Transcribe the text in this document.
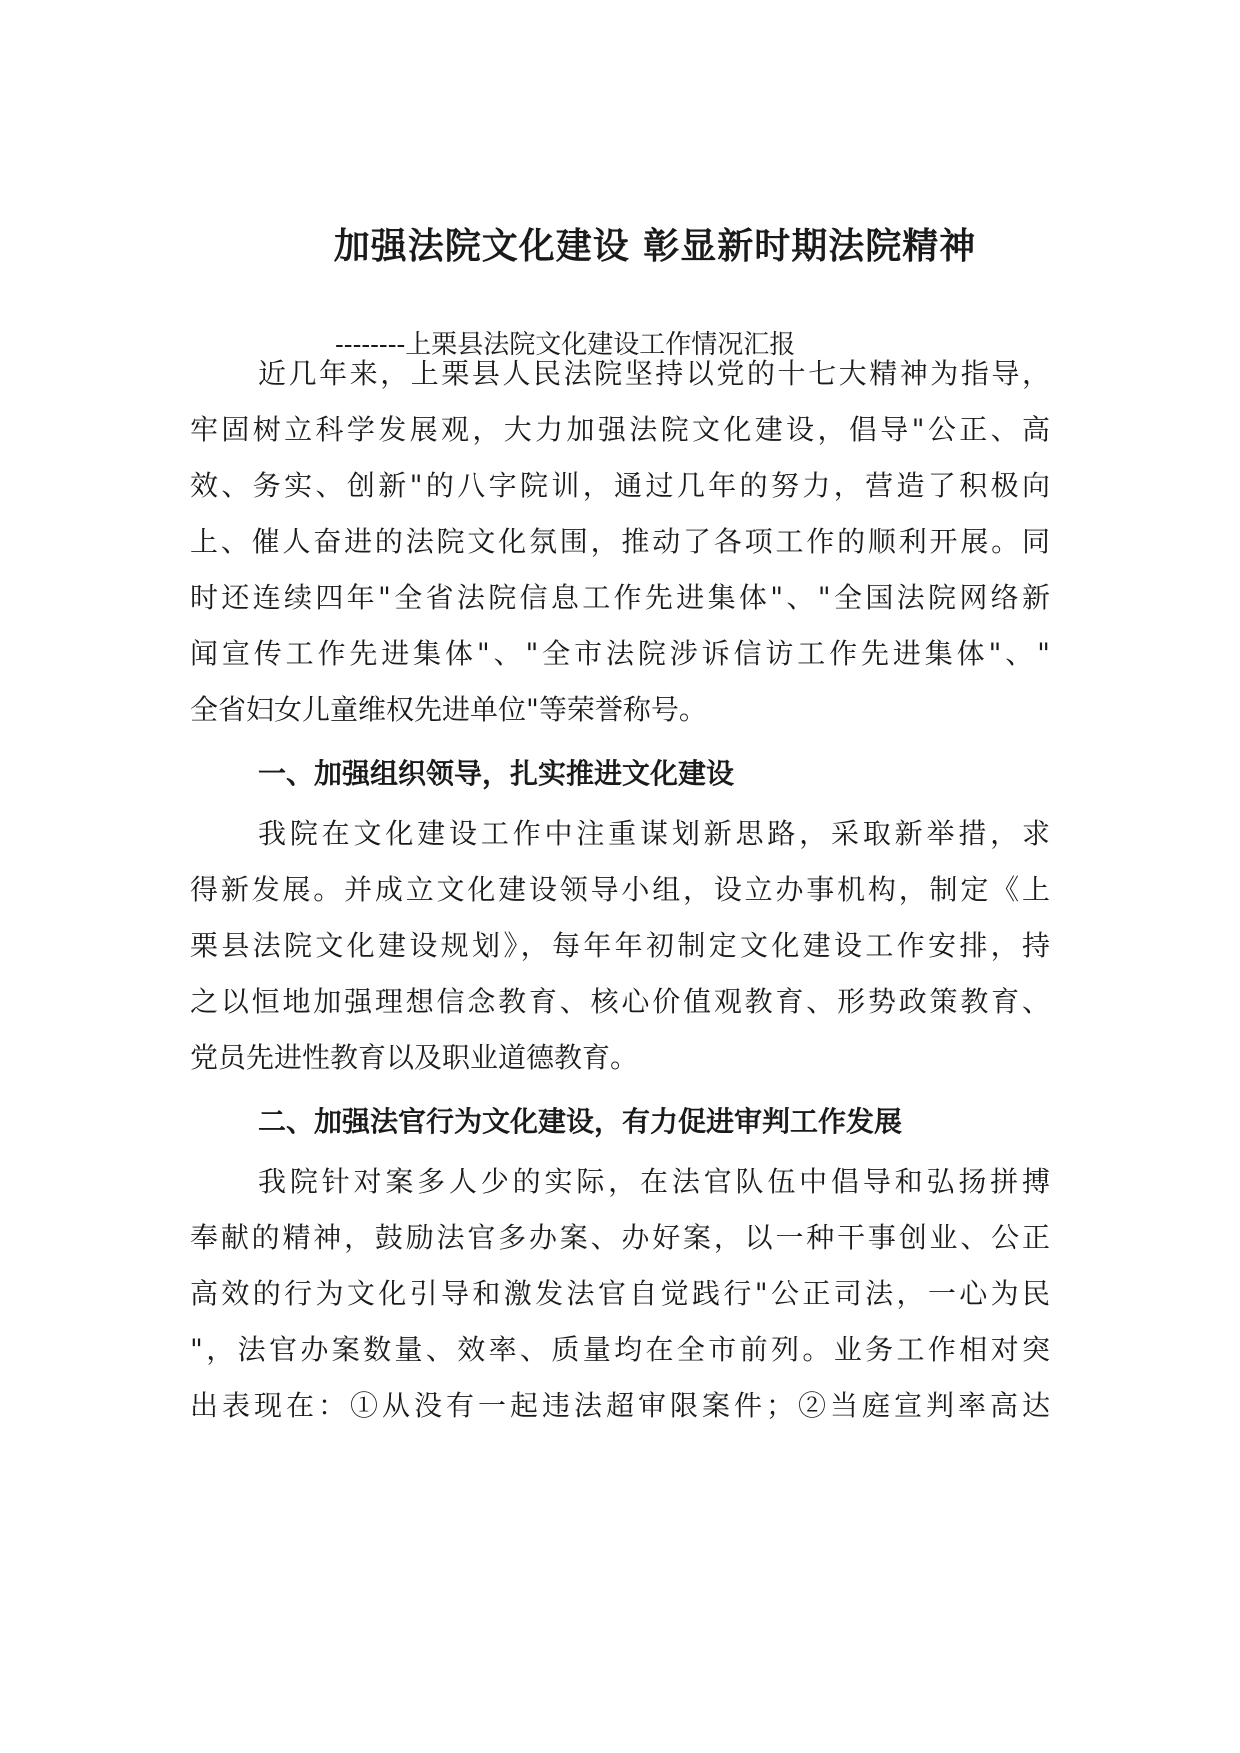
加强法院文化建设 彰显新时期法院精神
--------上栗县法院文化建设工作情况汇报
近几年来，上栗县人民法院坚持以党的十七大精神为指导，
牢固树立科学发展观，大力加强法院文化建设，倡导"公正、高
效、务实、创新"的八字院训，通过几年的努力，营造了积极向
上、催人奋进的法院文化氛围，推动了各项工作的顺利开展。同
时还连续四年"全省法院信息工作先进集体"、"全国法院网络新
闻宣传工作先进集体"、"全市法院涉诉信访工作先进集体"、"
全省妇女儿童维权先进单位"等荣誉称号。
一、加强组织领导，扎实推进文化建设
我院在文化建设工作中注重谋划新思路，采取新举措，求
得新发展。并成立文化建设领导小组，设立办事机构，制定《上
栗县法院文化建设规划》，每年年初制定文化建设工作安排，持
之以恒地加强理想信念教育、核心价值观教育、形势政策教育、
党员先进性教育以及职业道德教育。
二、加强法官行为文化建设，有力促进审判工作发展
我院针对案多人少的实际，在法官队伍中倡导和弘扬拼搏
奉献的精神，鼓励法官多办案、办好案，以一种干事创业、公正
高效的行为文化引导和激发法官自觉践行"公正司法，一心为民
"，法官办案数量、效率、质量均在全市前列。业务工作相对突
出表现在：①从没有一起违法超审限案件；②当庭宣判率高达
